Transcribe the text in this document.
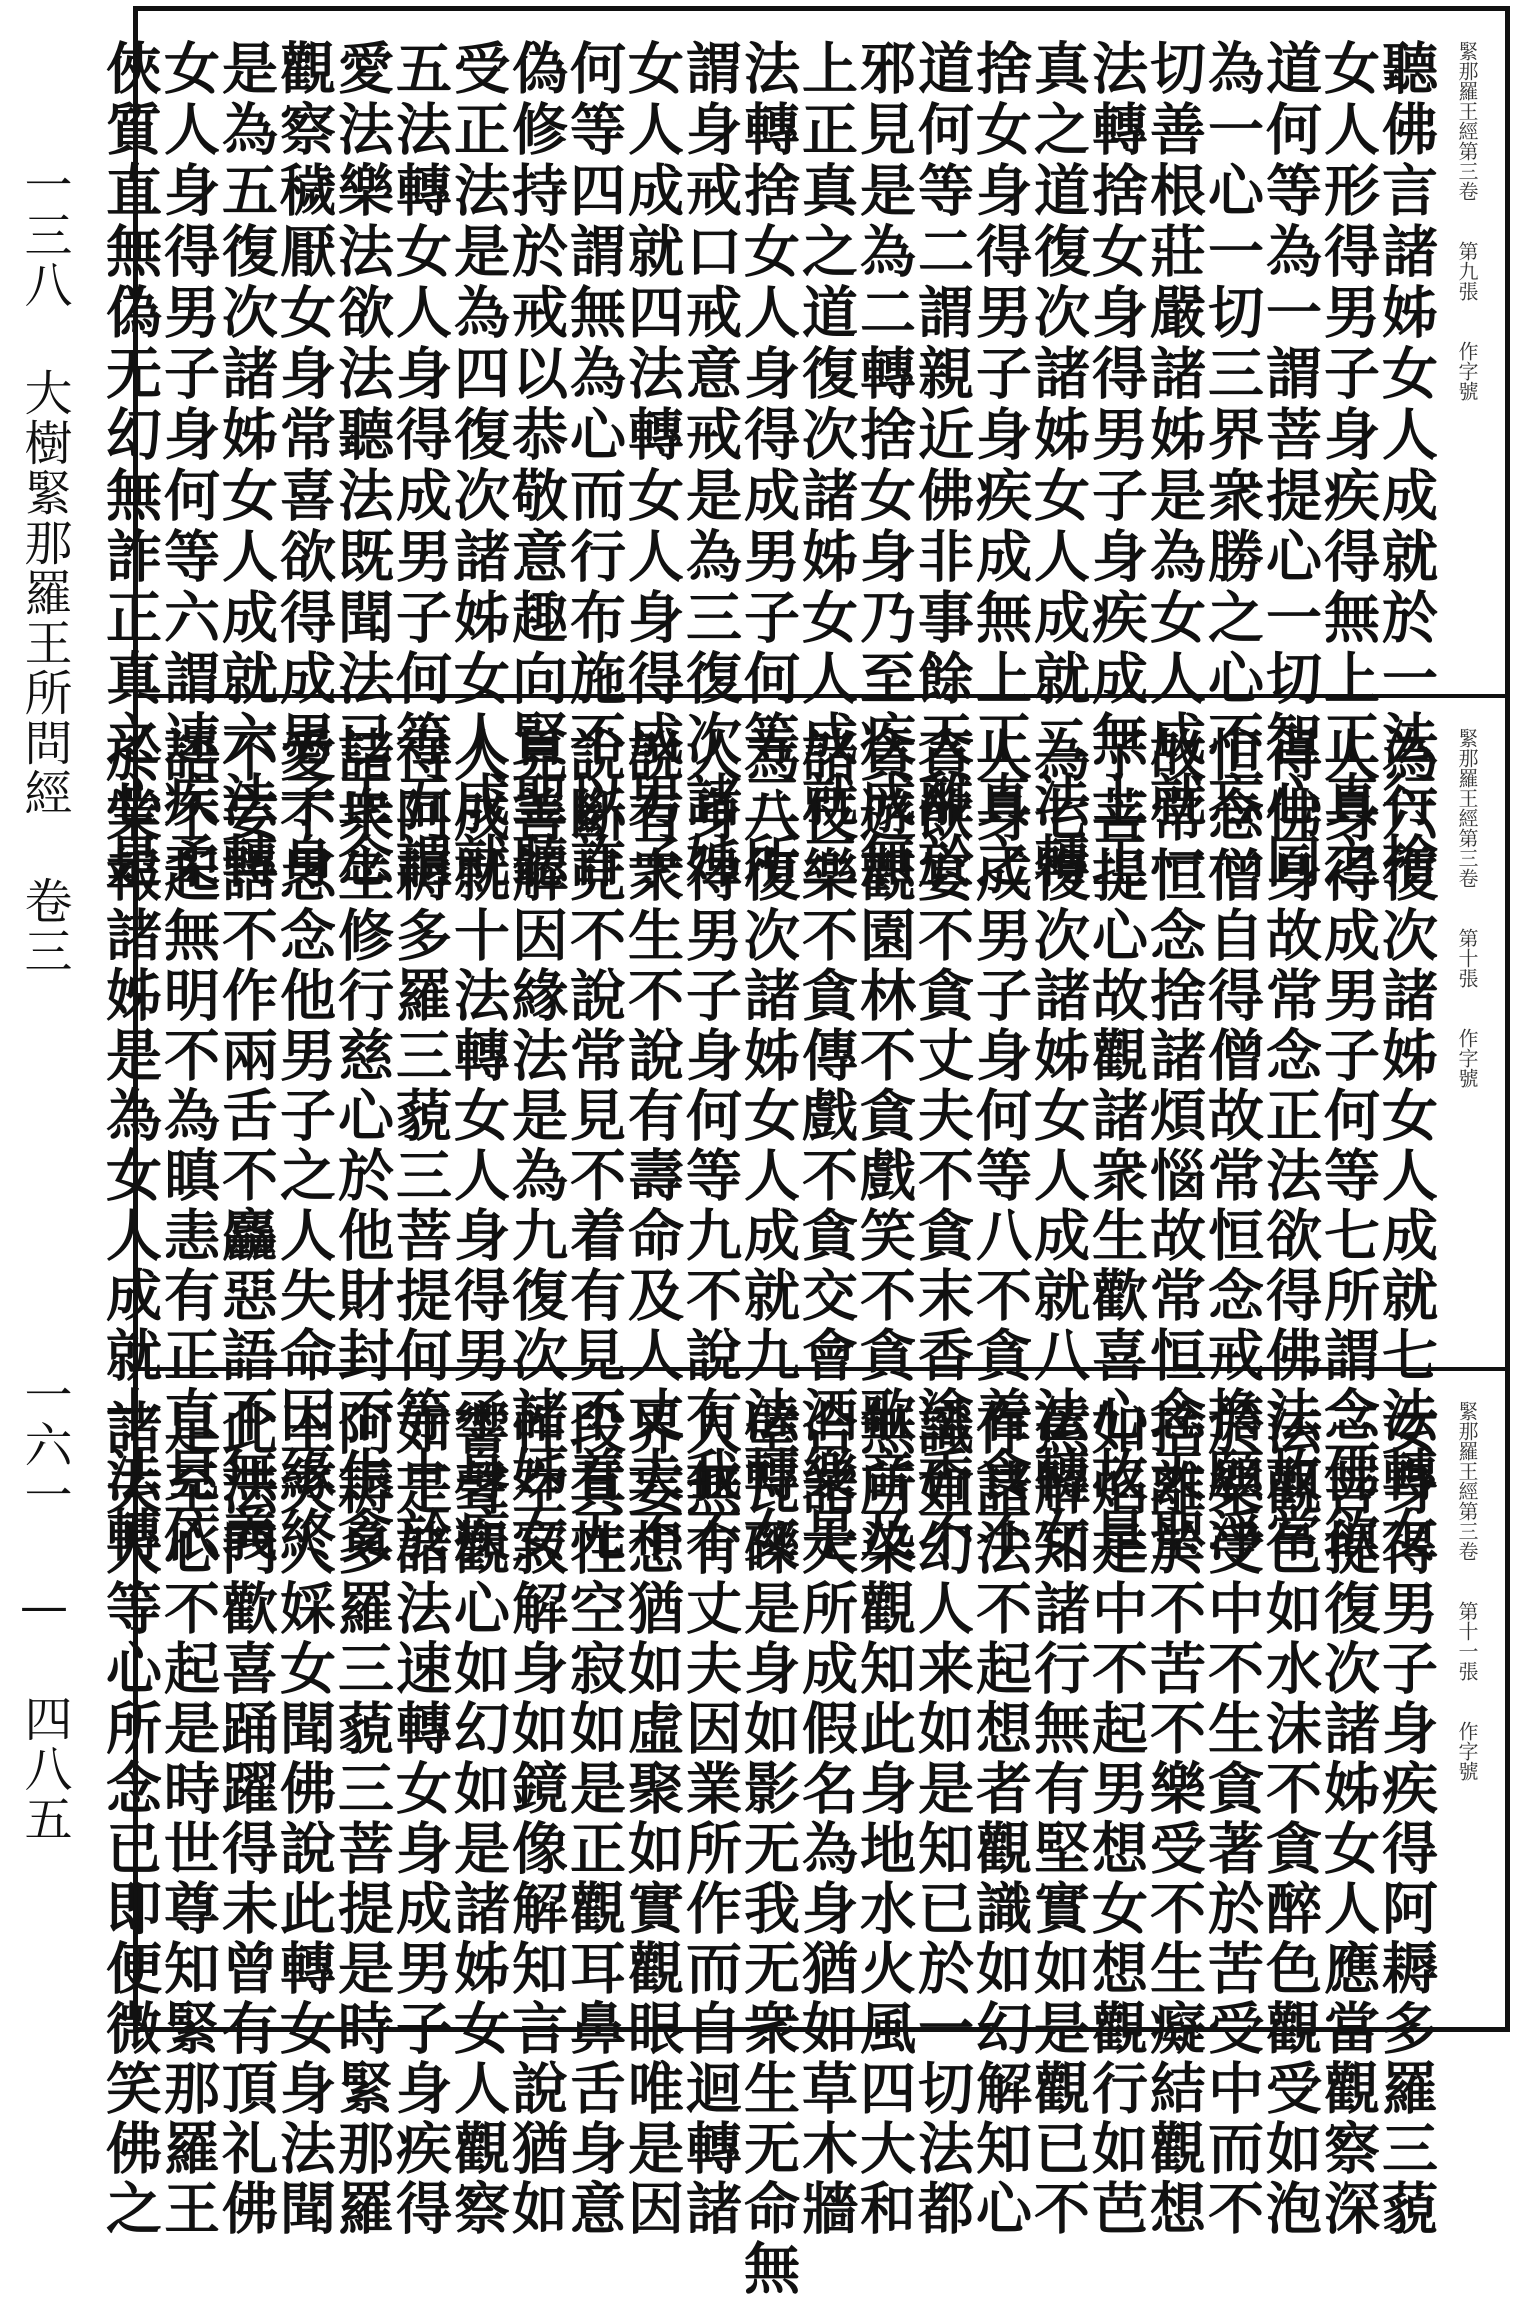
一三八 大樹緊那羅王所問經 卷三
一六一 — 四八五
緊那羅王經第三卷 第九張 作字號
聽佛言諸姊女人成就於一法行捨
女人形得男子身疾得無上正真之
道何等為一謂菩提心一切智心同
為一心一切三界衆勝之心不忘一
切善根莊嚴諸姊是為女人成就一
法轉捨女身得男子身疾成無上正
真之道復次諸姊女人成就二法轉
捨女身得男子身疾成無上正真之
道何等二謂親近佛非事餘天離於
邪見是為二轉捨女身乃至疾成無
上正真之道復次諸姊女人成就三
法轉捨女人身得成男子何等三所
謂身戒口戒意戒是為三復次諸姊
女人成就四法轉女人身得成男子
何等四謂無為心而行布施不以詐
偽修持於戒以恭敬意趣向賢聖聽
受正法是為四復次諸姊女人成就
五法轉女人身得成男子何等五謂
愛法樂法欲法聽法既聞法已正念
觀察穢厭女身常喜欲得成男子身
是為五復次諸姊女人成就六法轉
女人身得男子身何等六謂速疾柔
俠質直無偽无幻無詐正真之心是	緊那羅王經第三卷 第十張 作字號
為六復次諸姊女人成就七法轉女
人身得成男子何等七所謂念佛欲
得佛身故常念正法欲得佛法故常
恒念僧自得僧故常恒念戒擔願淨
故常恒念捨諸煩惱故常恒念天聖
了菩提心故觀諸衆生歡喜心故是
為七復次諸姊女人成就八法轉女
人身成男子身何等八不貪着食不
貪飲宴不貪丈夫不貪末香塗香不
貪遊觀園林不貪戲笑不貪歌音及
諸伎樂不貪傳戲不貪交會酒樂是
為八復次諸姊女人成就九法轉女
人身得男子身何等九不說有我不
說有衆生不說有壽命及人丈夫不
說斷見不說常見不着有見不着无
見善解因緣法是為九復次諸姊女
人成就十法轉女人身得男子身疾
得阿耨多羅三藐三菩提何等十於
諸衆生修行慈心於他財封不生貪
愛不思念他男子之人失命因緣終
不妄語不作兩舌不麤惡語不無義
語不起無明不為瞋恚有正直見依
於業報諸姊是為女人成就十法轉	緊那羅王經第三卷 第十一張 作字號
女身得男子身疾得阿耨多羅三藐
三菩提復次諸姊女人應當觀察深
法觀色如水沫不貪醉色觀受如泡
於樂受中不生貪著於苦受中而不
捨離於不苦不樂受不生癡結觀想
如焰是中不起男想女想觀行如芭
蕉解知諸行無有堅實如是觀已不
作諸法不起想者觀識如幻解知心
識如幻人来如是知已於一切法都
無所染觀知此身地水火風四大和
合諸大所成假名為身猶如草木牆
壁瓦礫是身如影无我无衆生无命無
人無有丈夫因業所作而自迴轉諸
界妄想猶如虛聚如實觀眼唯是因
段其性空寂如是正觀耳鼻舌身意
性空寂解身如鏡像解知言說猶如
響聲觀心如幻如是諸姊女人觀察
如是諸法速轉女身成男子身疾得
阿耨多羅三藐三菩提是時緊那羅
王夫人婇女聞佛說此轉女身法聞
此法門歡喜踊躍得未曾有頂礼佛
足至心不起是時世尊知緊那羅王
諸夫人等心所念已即便微笑佛之
